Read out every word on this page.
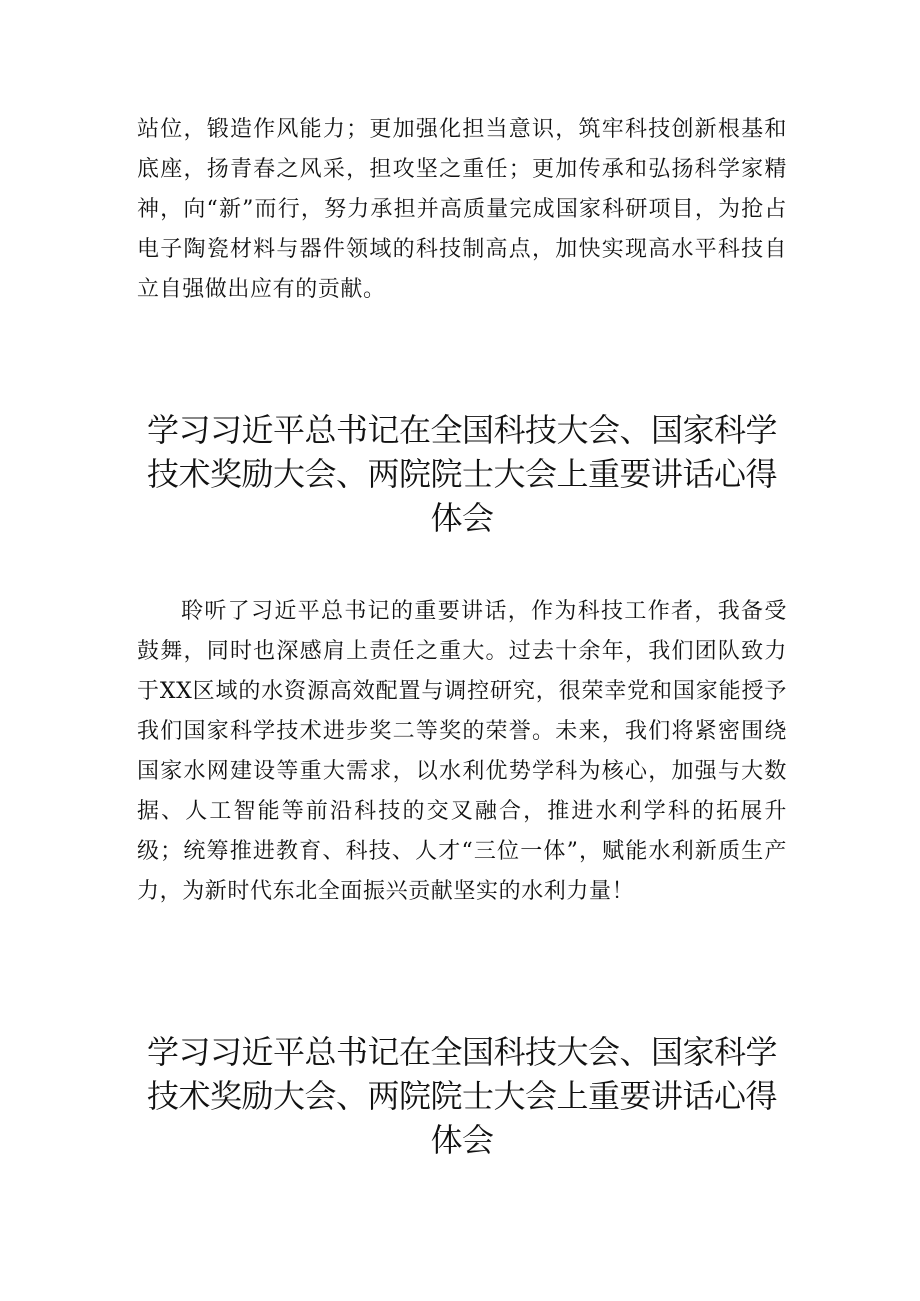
站位，锻造作风能力；更加强化担当意识，筑牢科技创新根基和底座，扬青春之风采，担攻坚之重任；更加传承和弘扬科学家精神，向“新”而行，努力承担并高质量完成国家科研项目，为抢占电子陶瓷材料与器件领域的科技制高点，加快实现高水平科技自立自强做出应有的贡献。

学习习近平总书记在全国科技大会、国家科学技术奖励大会、两院院士大会上重要讲话心得体会

聆听了习近平总书记的重要讲话，作为科技工作者，我备受鼓舞，同时也深感肩上责任之重大。过去十余年，我们团队致力于XX区域的水资源高效配置与调控研究，很荣幸党和国家能授予我们国家科学技术进步奖二等奖的荣誉。未来，我们将紧密围绕国家水网建设等重大需求，以水利优势学科为核心，加强与大数据、人工智能等前沿科技的交叉融合，推进水利学科的拓展升级；统筹推进教育、科技、人才“三位一体”，赋能水利新质生产力，为新时代东北全面振兴贡献坚实的水利力量！

学习习近平总书记在全国科技大会、国家科学技术奖励大会、两院院士大会上重要讲话心得体会
